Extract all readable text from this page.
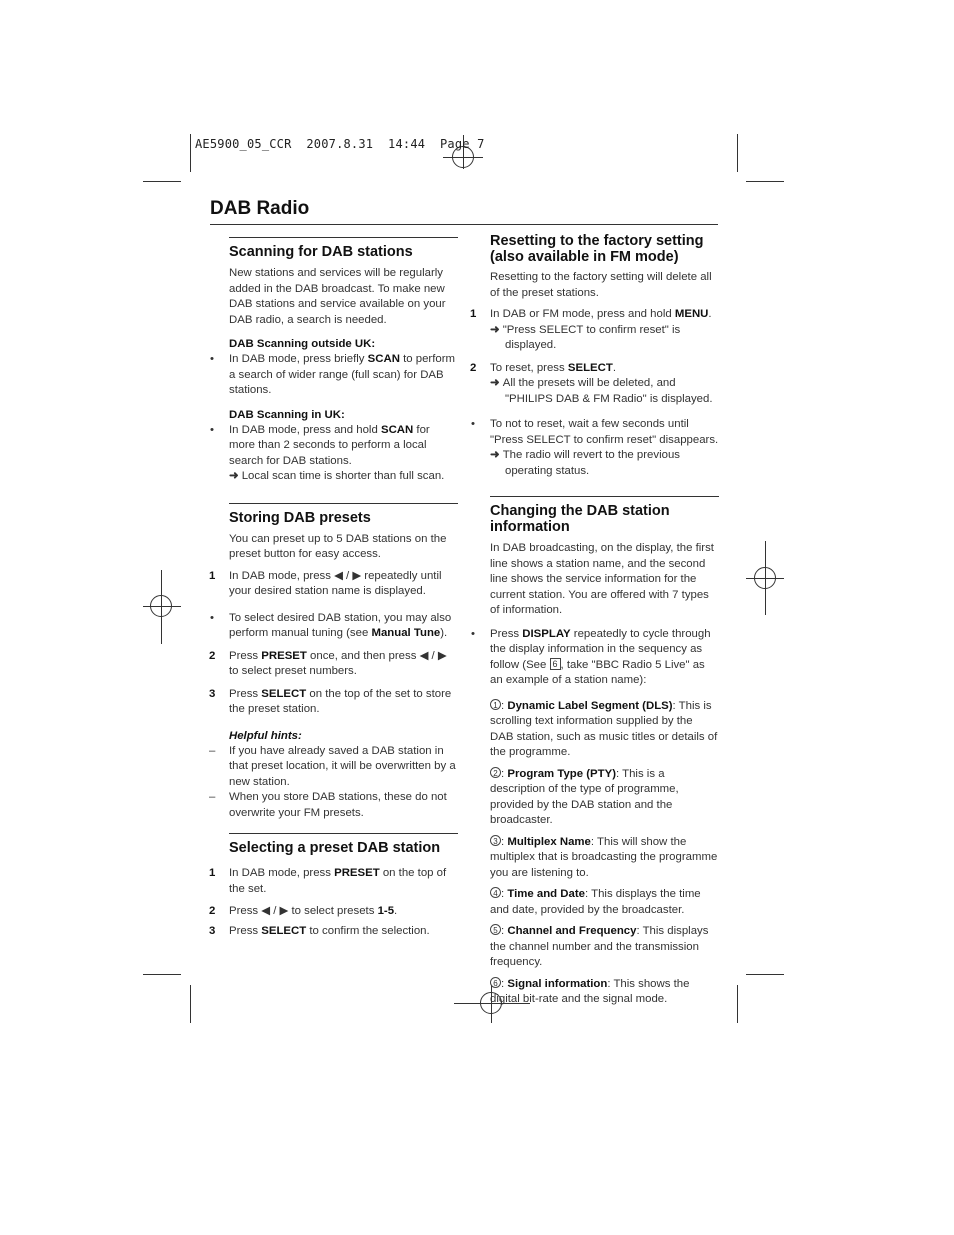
AE5900_05_CCR  2007.8.31  14:44  Page 7
DAB Radio
Scanning for DAB stations
New stations and services will be regularly added in the DAB broadcast. To make new DAB stations and service available on your DAB radio, a search is needed.
DAB Scanning outside UK:
• In DAB mode, press briefly SCAN to perform a search of wider range (full scan) for DAB stations.
DAB Scanning in UK:
• In DAB mode, press and hold SCAN for more than 2 seconds to perform a local search for DAB stations.
➜ Local scan time is shorter than full scan.
Storing DAB presets
You can preset up to 5 DAB stations on the preset button for easy access.
1 In DAB mode, press ◀ / ▶ repeatedly until your desired station name is displayed.
• To select desired DAB station, you may also perform manual tuning (see Manual Tune).
2 Press PRESET once, and then press ◀ / ▶ to select preset numbers.
3 Press SELECT on the top of the set to store the preset station.
Helpful hints:
– If you have already saved a DAB station in that preset location, it will be overwritten by a new station.
– When you store DAB stations, these do not overwrite your FM presets.
Selecting a preset DAB station
1 In DAB mode, press PRESET on the top of the set.
2 Press ◀ / ▶ to select presets 1-5.
3 Press SELECT to confirm the selection.
Resetting to the factory setting (also available in FM mode)
Resetting to the factory setting will delete all of the preset stations.
1 In DAB or FM mode, press and hold MENU.
➜ "Press SELECT to confirm reset" is displayed.
2 To reset, press SELECT.
➜ All the presets will be deleted, and "PHILIPS DAB & FM Radio" is displayed.
• To not to reset, wait a few seconds until "Press SELECT to confirm reset" disappears.
➜ The radio will revert to the previous operating status.
Changing the DAB station information
In DAB broadcasting, on the display, the first line shows a station name, and the second line shows the service information for the current station. You are offered with 7 types of information.
• Press DISPLAY repeatedly to cycle through the display information in the sequency as follow (See 6 , take "BBC Radio 5 Live" as an example of a station name):
1 : Dynamic Label Segment (DLS): This is scrolling text information supplied by the DAB station, such as music titles or details of the programme.
2 : Program Type (PTY): This is a description of the type of programme, provided by the DAB station and the broadcaster.
3 : Multiplex Name: This will show the multiplex that is broadcasting the programme you are listening to.
4 : Time and Date: This displays the time and date, provided by the broadcaster.
5 : Channel and Frequency: This displays the channel number and the transmission frequency.
6 : Signal information: This shows the digital bit-rate and the signal mode.
